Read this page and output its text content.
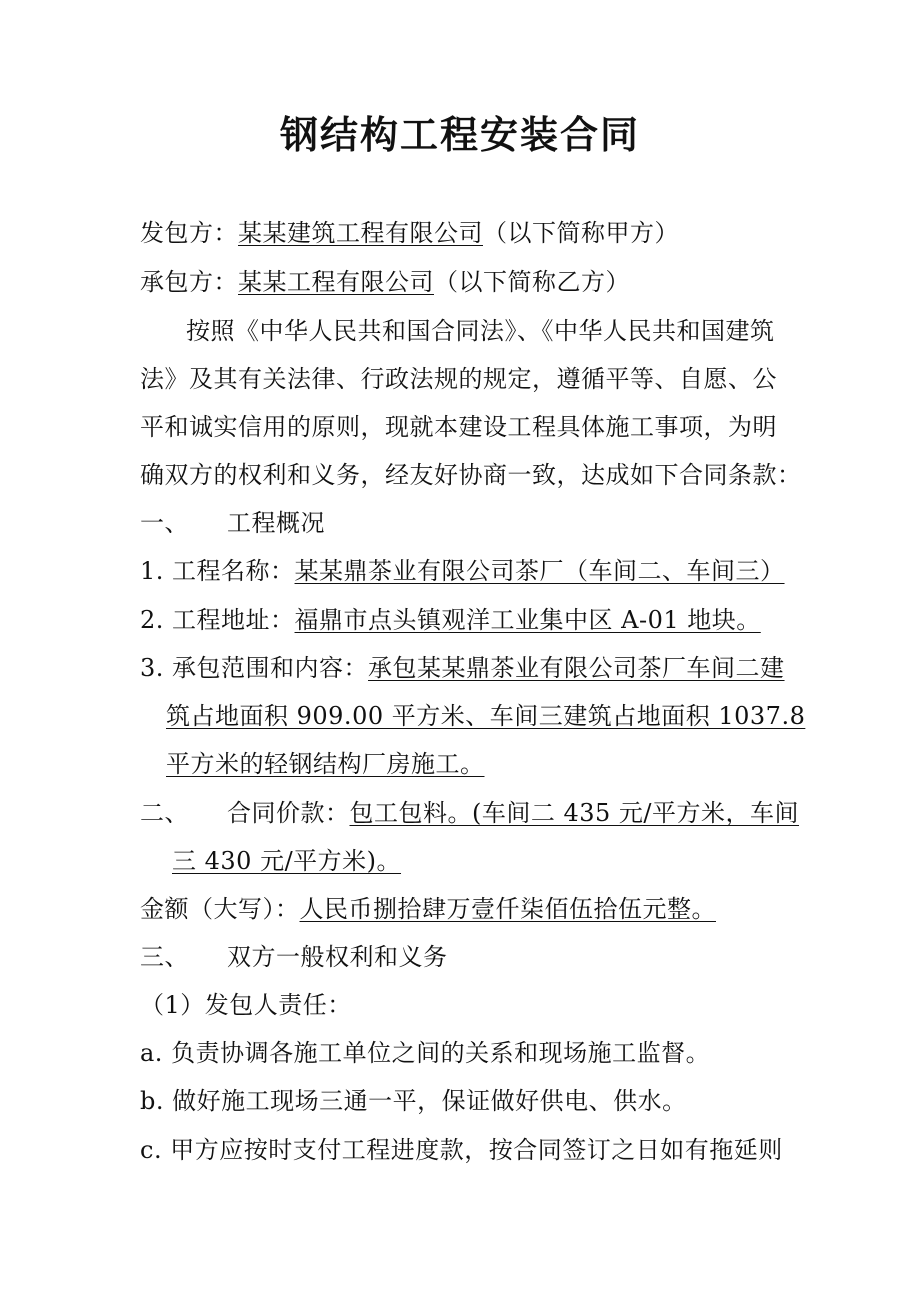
钢结构工程安装合同
发包方：某某建筑工程有限公司（以下简称甲方）
承包方：某某工程有限公司（以下简称乙方）
按照《中华人民共和国合同法》、《中华人民共和国建筑
法》及其有关法律、行政法规的规定，遵循平等、自愿、公
平和诚实信用的原则，现就本建设工程具体施工事项，为明
确双方的权利和义务，经友好协商一致，达成如下合同条款：
一、 工程概况
1. 工程名称：某某鼎茶业有限公司茶厂（车间二、车间三）
2. 工程地址：福鼎市点头镇观洋工业集中区 A-01 地块。
3. 承包范围和内容：承包某某鼎茶业有限公司茶厂车间二建
筑占地面积 909.00 平方米、车间三建筑占地面积 1037.8
平方米的轻钢结构厂房施工。
二、 合同价款：包工包料。(车间二 435 元/平方米，车间
三 430 元/平方米)。
金额（大写）：人民币捌拾肆万壹仟柒佰伍拾伍元整。
三、 双方一般权利和义务
（1）发包人责任：
a. 负责协调各施工单位之间的关系和现场施工监督。
b. 做好施工现场三通一平，保证做好供电、供水。
c. 甲方应按时支付工程进度款，按合同签订之日如有拖延则
